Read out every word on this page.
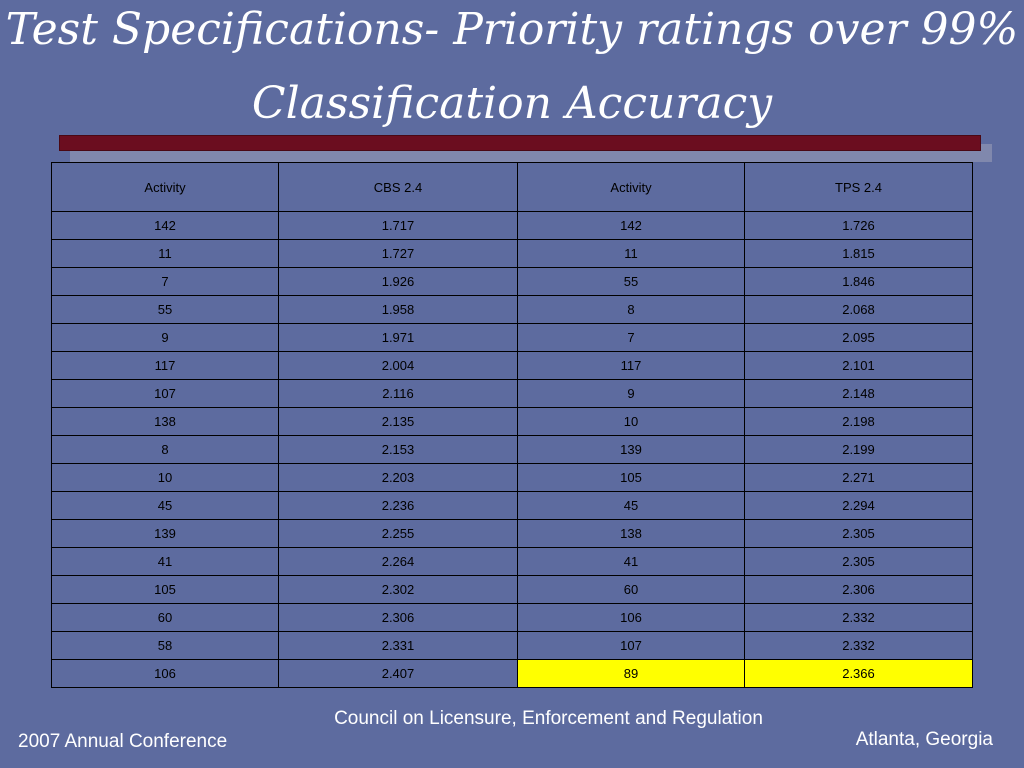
Test Specifications- Priority ratings over 99%
Classification Accuracy
Activity	CBS 2.4	Activity	TPS 2.4
142	1.717	142	1.726
11	1.727	11	1.815
7	1.926	55	1.846
55	1.958	8	2.068
9	1.971	7	2.095
117	2.004	117	2.101
107	2.116	9	2.148
138	2.135	10	2.198
8	2.153	139	2.199
10	2.203	105	2.271
45	2.236	45	2.294
139	2.255	138	2.305
41	2.264	41	2.305
105	2.302	60	2.306
60	2.306	106	2.332
58	2.331	107	2.332
106	2.407	89	2.366
Council on Licensure, Enforcement and Regulation
2007 Annual Conference	Atlanta, Georgia
